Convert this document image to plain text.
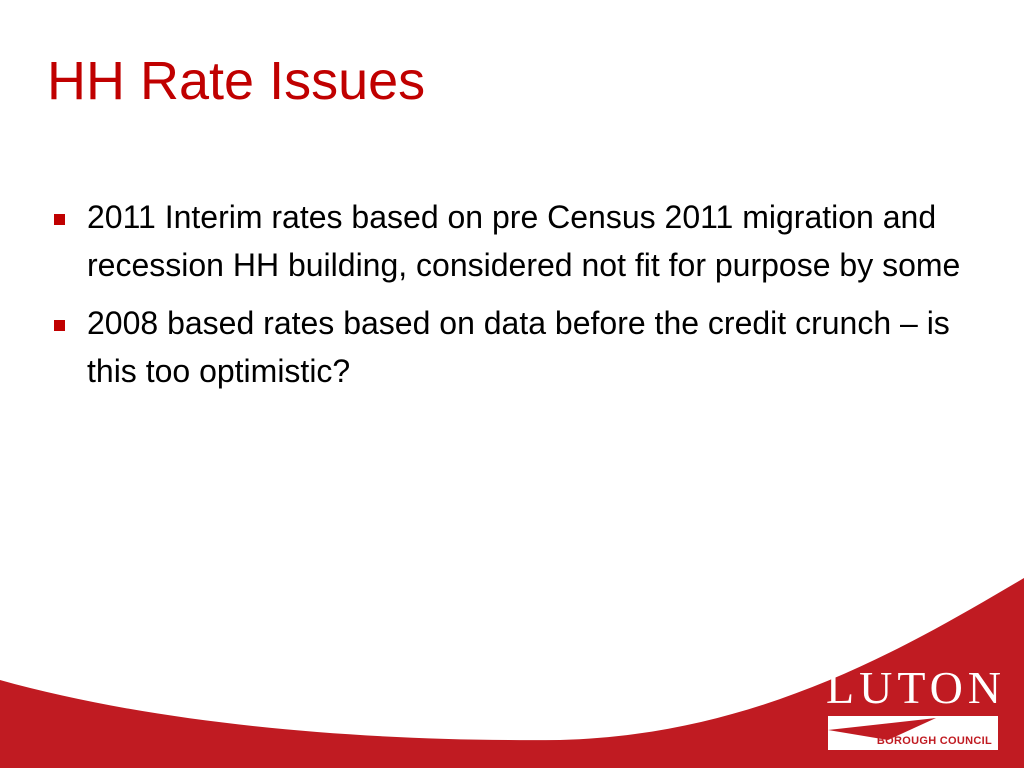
HH Rate Issues
2011 Interim rates based on pre Census 2011 migration and recession HH building, considered not fit for purpose by some
2008 based rates based on data before the credit crunch – is this too optimistic?
LUTON
BOROUGH COUNCIL
